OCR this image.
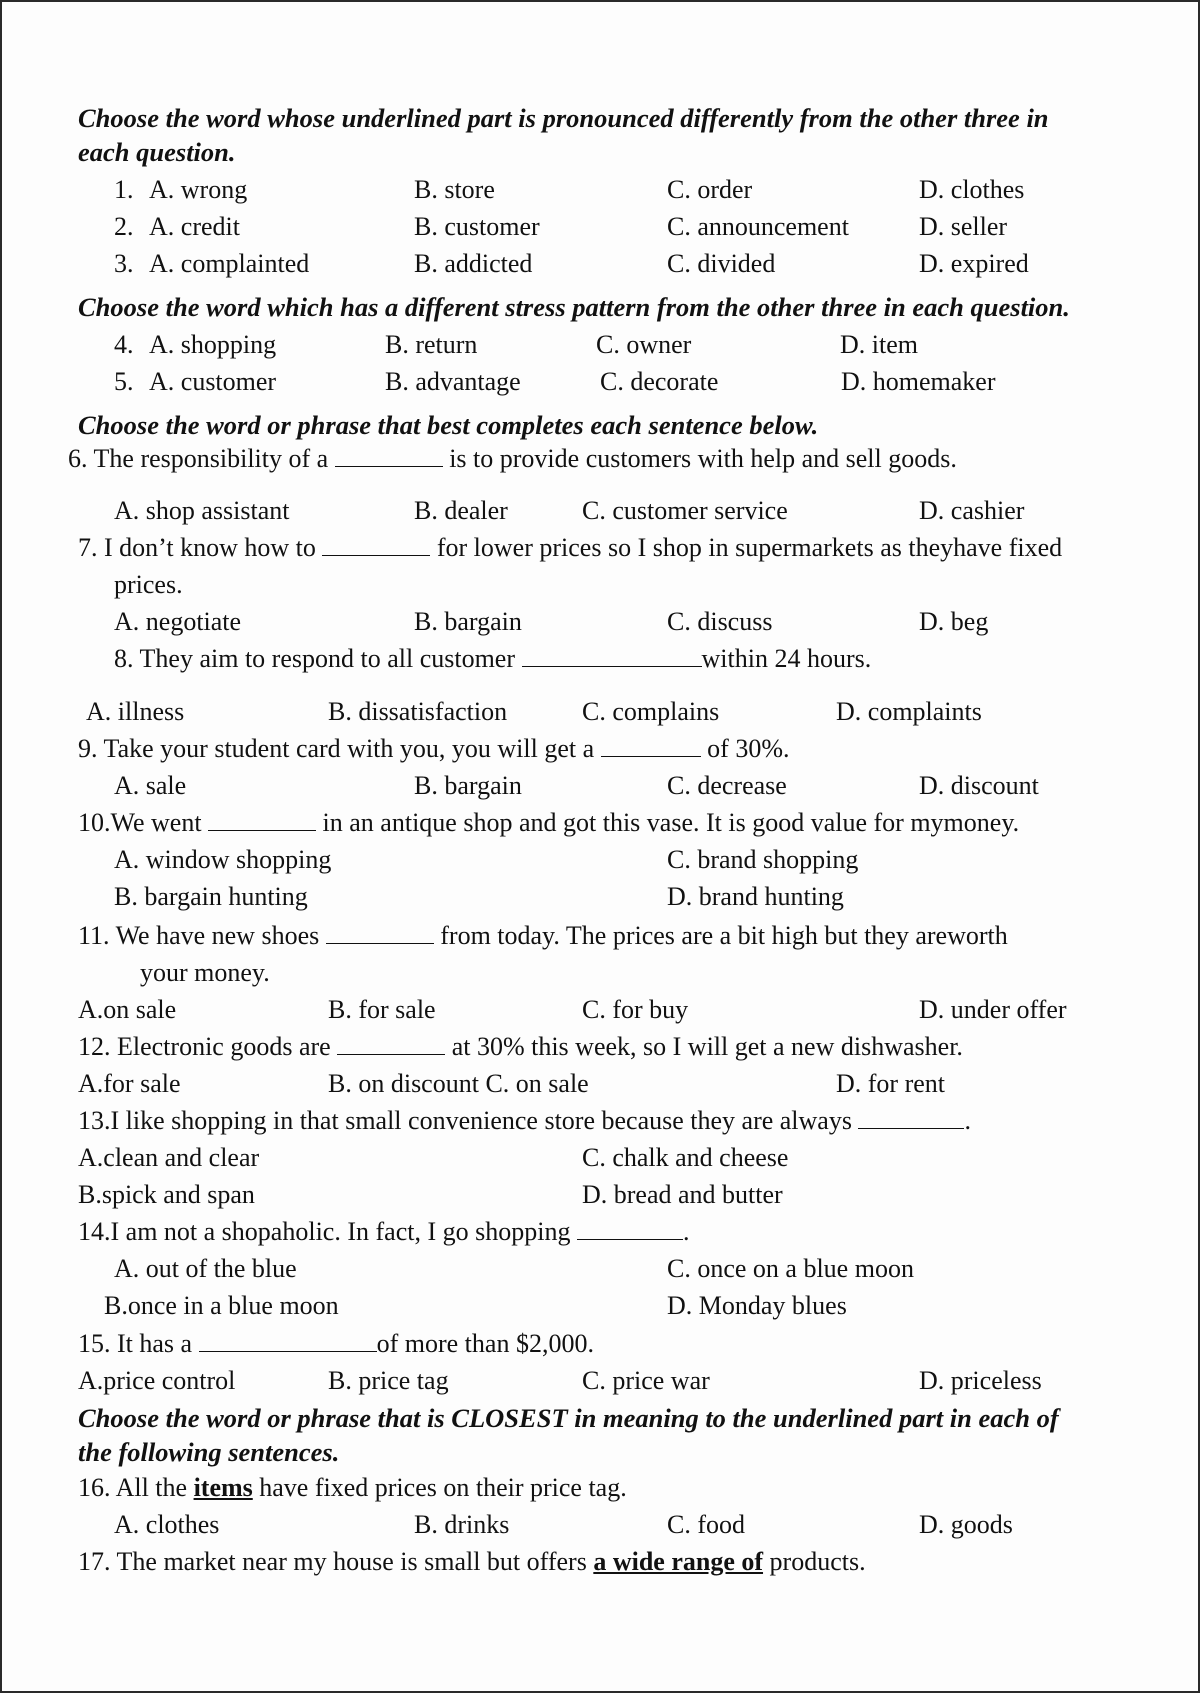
Choose the word whose underlined part is pronounced differently from the other three in
each question.
1. A. wrong	B. store	C. order	D. clothes
2. A. credit	B. customer	C. announcement	D. seller
3. A. complainted	B. addicted	C. divided	D. expired
Choose the word which has a different stress pattern from the other three in each question.
4. A. shopping	B. return	C. owner	D. item
5. A. customer	B. advantage	C. decorate	D. homemaker
Choose the word or phrase that best completes each sentence below.
6. The responsibility of a	is to provide customers with help and sell goods.
A. shop assistant	B. dealer	C. customer service	D. cashier
7. I don’t know how to	for lower prices so I shop in supermarkets as theyhave fixed
prices.
A. negotiate	B. bargain	C. discuss	D. beg
8. They aim to respond to all customer	within 24 hours.
A. illness	B. dissatisfaction	C. complains	D. complaints
9. Take your student card with you, you will get a	of 30%.
A. sale	B. bargain	C. decrease	D. discount
10.We went	in an antique shop and got this vase. It is good value for mymoney.
A. window shopping	C. brand shopping
B. bargain hunting	D. brand hunting
11. We have new shoes	from today. The prices are a bit high but they areworth
your money.
A.on sale	B. for sale	C. for buy	D. under offer
12. Electronic goods are	at 30% this week, so I will get a new dishwasher.
A.for sale	B. on discount C. on sale	D. for rent
13.I like shopping in that small convenience store because they are always	.
A.clean and clear	C. chalk and cheese
B.spick and span	D. bread and butter
14.I am not a shopaholic. In fact, I go shopping	.
A. out of the blue	C. once on a blue moon
B.once in a blue moon	D. Monday blues
15. It has a	of more than $2,000.
A.price control	B. price tag	C. price war	D. priceless
Choose the word or phrase that is CLOSEST in meaning to the underlined part in each of
the following sentences.
16. All the items have fixed prices on their price tag.
A. clothes	B. drinks	C. food	D. goods
17. The market near my house is small but offers a wide range of products.
